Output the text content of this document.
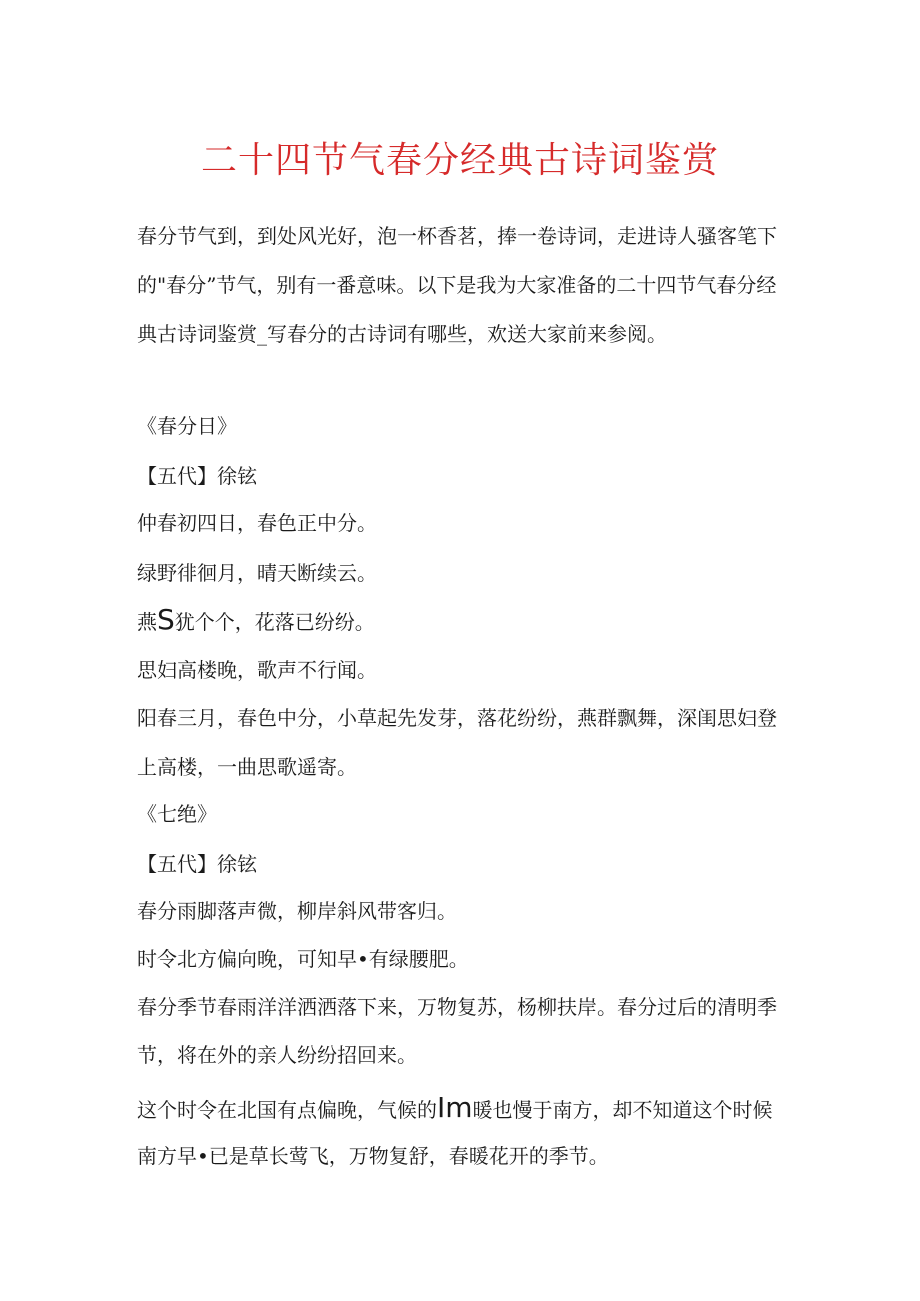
二十四节气春分经典古诗词鉴赏
春分节气到，到处风光好，泡一杯香茗，捧一卷诗词，走进诗人骚客笔下
的"春分”节气，别有一番意味。以下是我为大家准备的二十四节气春分经
典古诗词鉴赏_写春分的古诗词有哪些，欢送大家前来参阅。
《春分日》
【五代】徐铉
仲春初四日，春色正中分。
绿野徘徊月，晴天断续云。
燕S犹个个，花落已纷纷。
思妇高楼晚，歌声不行闻。
阳春三月，春色中分，小草起先发芽，落花纷纷，燕群飘舞，深闺思妇登
上高楼，一曲思歌遥寄。
《七绝》
【五代】徐铉
春分雨脚落声微，柳岸斜风带客归。
时令北方偏向晚，可知早•有绿腰肥。
春分季节春雨洋洋洒洒落下来，万物复苏，杨柳扶岸。春分过后的清明季
节，将在外的亲人纷纷招回来。
这个时令在北国有点偏晚，气候的Im暖也慢于南方，却不知道这个时候
南方早•已是草长莺飞，万物复舒，春暖花开的季节。
